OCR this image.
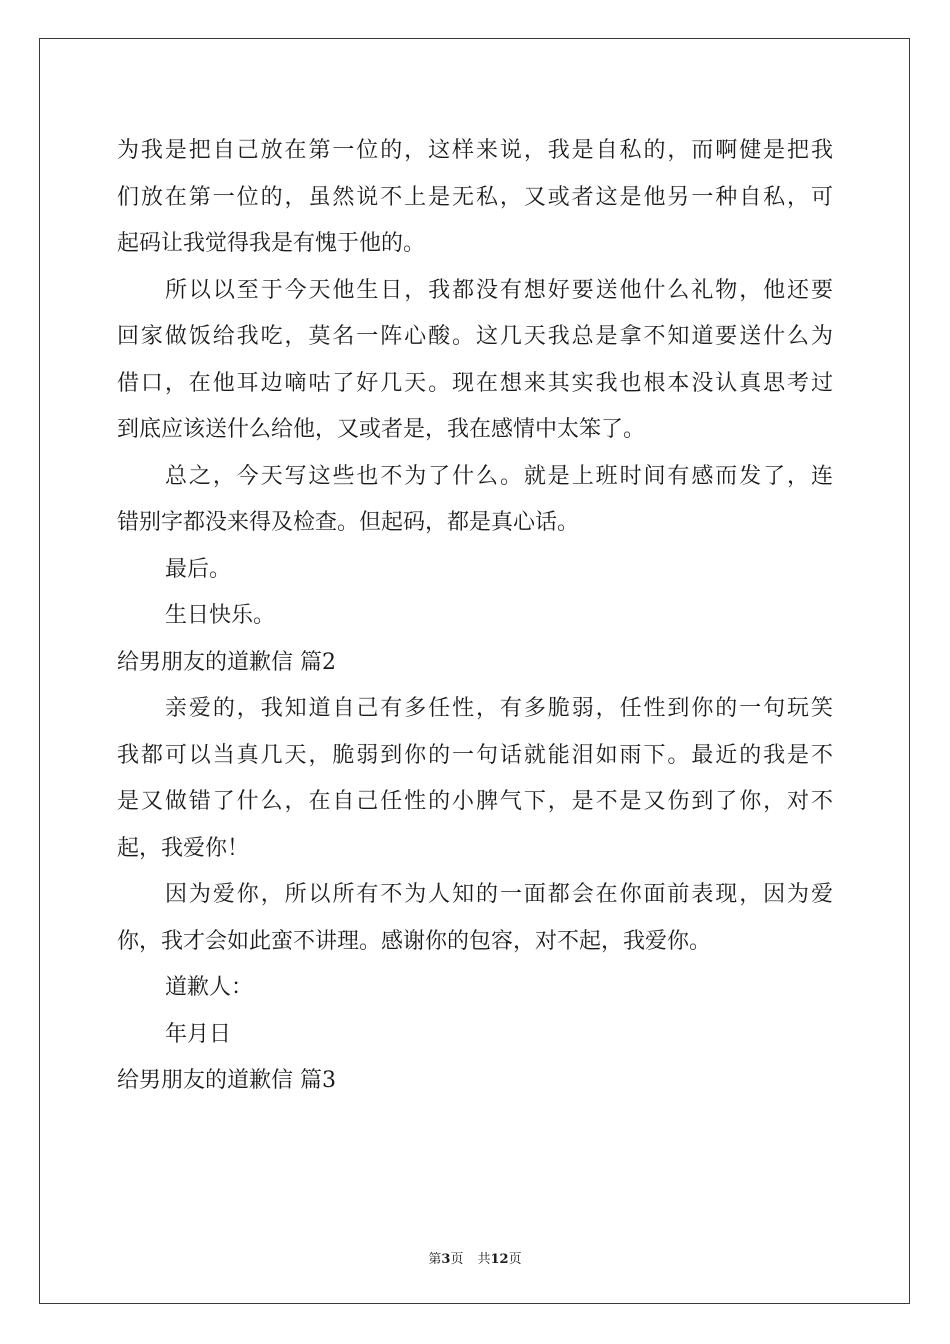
为我是把自己放在第一位的，这样来说，我是自私的，而啊健是把我
们放在第一位的，虽然说不上是无私，又或者这是他另一种自私，可
起码让我觉得我是有愧于他的。
所以以至于今天他生日，我都没有想好要送他什么礼物，他还要
回家做饭给我吃，莫名一阵心酸。这几天我总是拿不知道要送什么为
借口，在他耳边嘀咕了好几天。现在想来其实我也根本没认真思考过
到底应该送什么给他，又或者是，我在感情中太笨了。
总之，今天写这些也不为了什么。就是上班时间有感而发了，连
错别字都没来得及检查。但起码，都是真心话。
最后。
生日快乐。
给男朋友的道歉信 篇2
亲爱的，我知道自己有多任性，有多脆弱，任性到你的一句玩笑
我都可以当真几天，脆弱到你的一句话就能泪如雨下。最近的我是不
是又做错了什么，在自己任性的小脾气下，是不是又伤到了你，对不
起，我爱你！
因为爱你，所以所有不为人知的一面都会在你面前表现，因为爱
你，我才会如此蛮不讲理。感谢你的包容，对不起，我爱你。
道歉人：
年月日
给男朋友的道歉信 篇3
第3页 共12页
